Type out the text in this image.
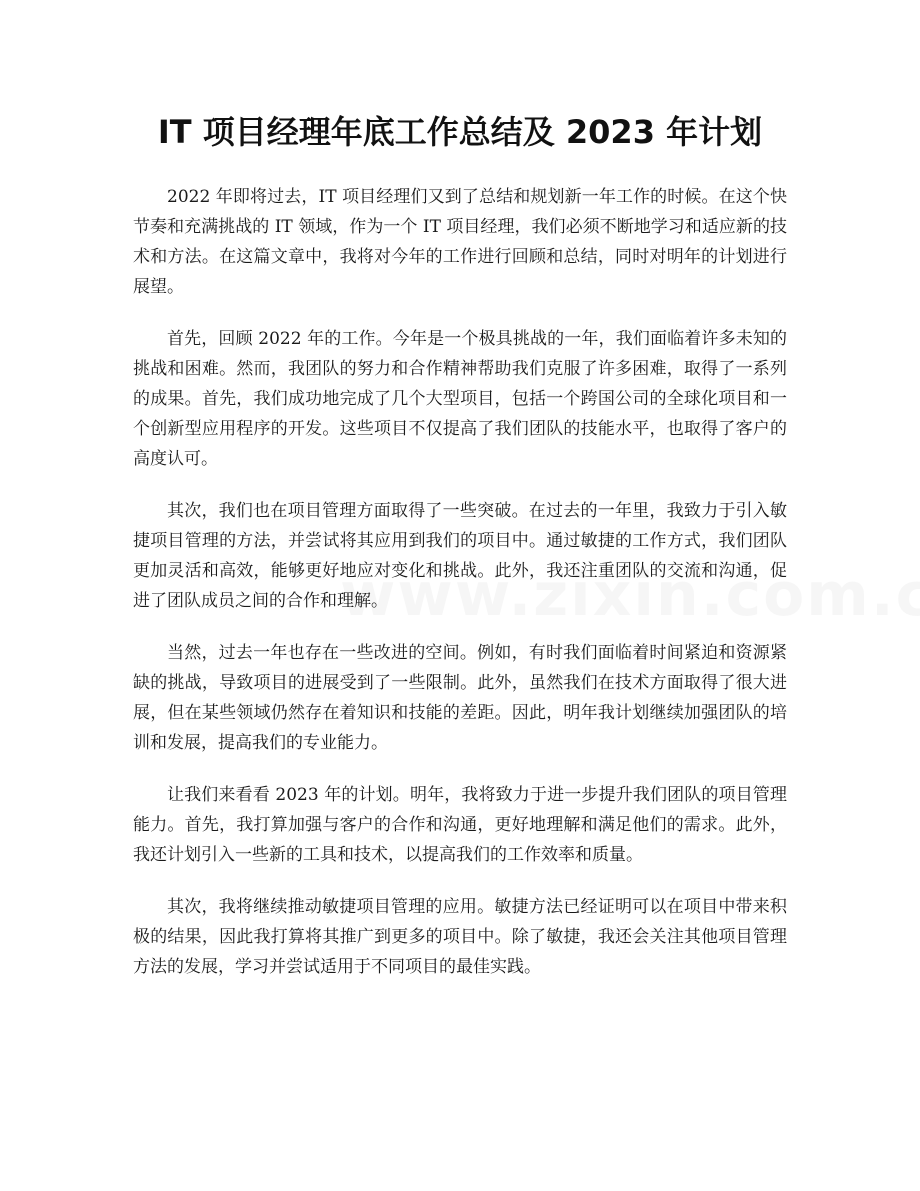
IT 项目经理年底工作总结及 2023 年计划

2022 年即将过去，IT 项目经理们又到了总结和规划新一年工作的时候。在这个快节奏和充满挑战的 IT 领域，作为一个 IT 项目经理，我们必须不断地学习和适应新的技术和方法。在这篇文章中，我将对今年的工作进行回顾和总结，同时对明年的计划进行展望。

首先，回顾 2022 年的工作。今年是一个极具挑战的一年，我们面临着许多未知的挑战和困难。然而，我团队的努力和合作精神帮助我们克服了许多困难，取得了一系列的成果。首先，我们成功地完成了几个大型项目，包括一个跨国公司的全球化项目和一个创新型应用程序的开发。这些项目不仅提高了我们团队的技能水平，也取得了客户的高度认可。

其次，我们也在项目管理方面取得了一些突破。在过去的一年里，我致力于引入敏捷项目管理的方法，并尝试将其应用到我们的项目中。通过敏捷的工作方式，我们团队更加灵活和高效，能够更好地应对变化和挑战。此外，我还注重团队的交流和沟通，促进了团队成员之间的合作和理解。

当然，过去一年也存在一些改进的空间。例如，有时我们面临着时间紧迫和资源紧缺的挑战，导致项目的进展受到了一些限制。此外，虽然我们在技术方面取得了很大进展，但在某些领域仍然存在着知识和技能的差距。因此，明年我计划继续加强团队的培训和发展，提高我们的专业能力。

让我们来看看 2023 年的计划。明年，我将致力于进一步提升我们团队的项目管理能力。首先，我打算加强与客户的合作和沟通，更好地理解和满足他们的需求。此外，我还计划引入一些新的工具和技术，以提高我们的工作效率和质量。

其次，我将继续推动敏捷项目管理的应用。敏捷方法已经证明可以在项目中带来积极的结果，因此我打算将其推广到更多的项目中。除了敏捷，我还会关注其他项目管理方法的发展，学习并尝试适用于不同项目的最佳实践。
